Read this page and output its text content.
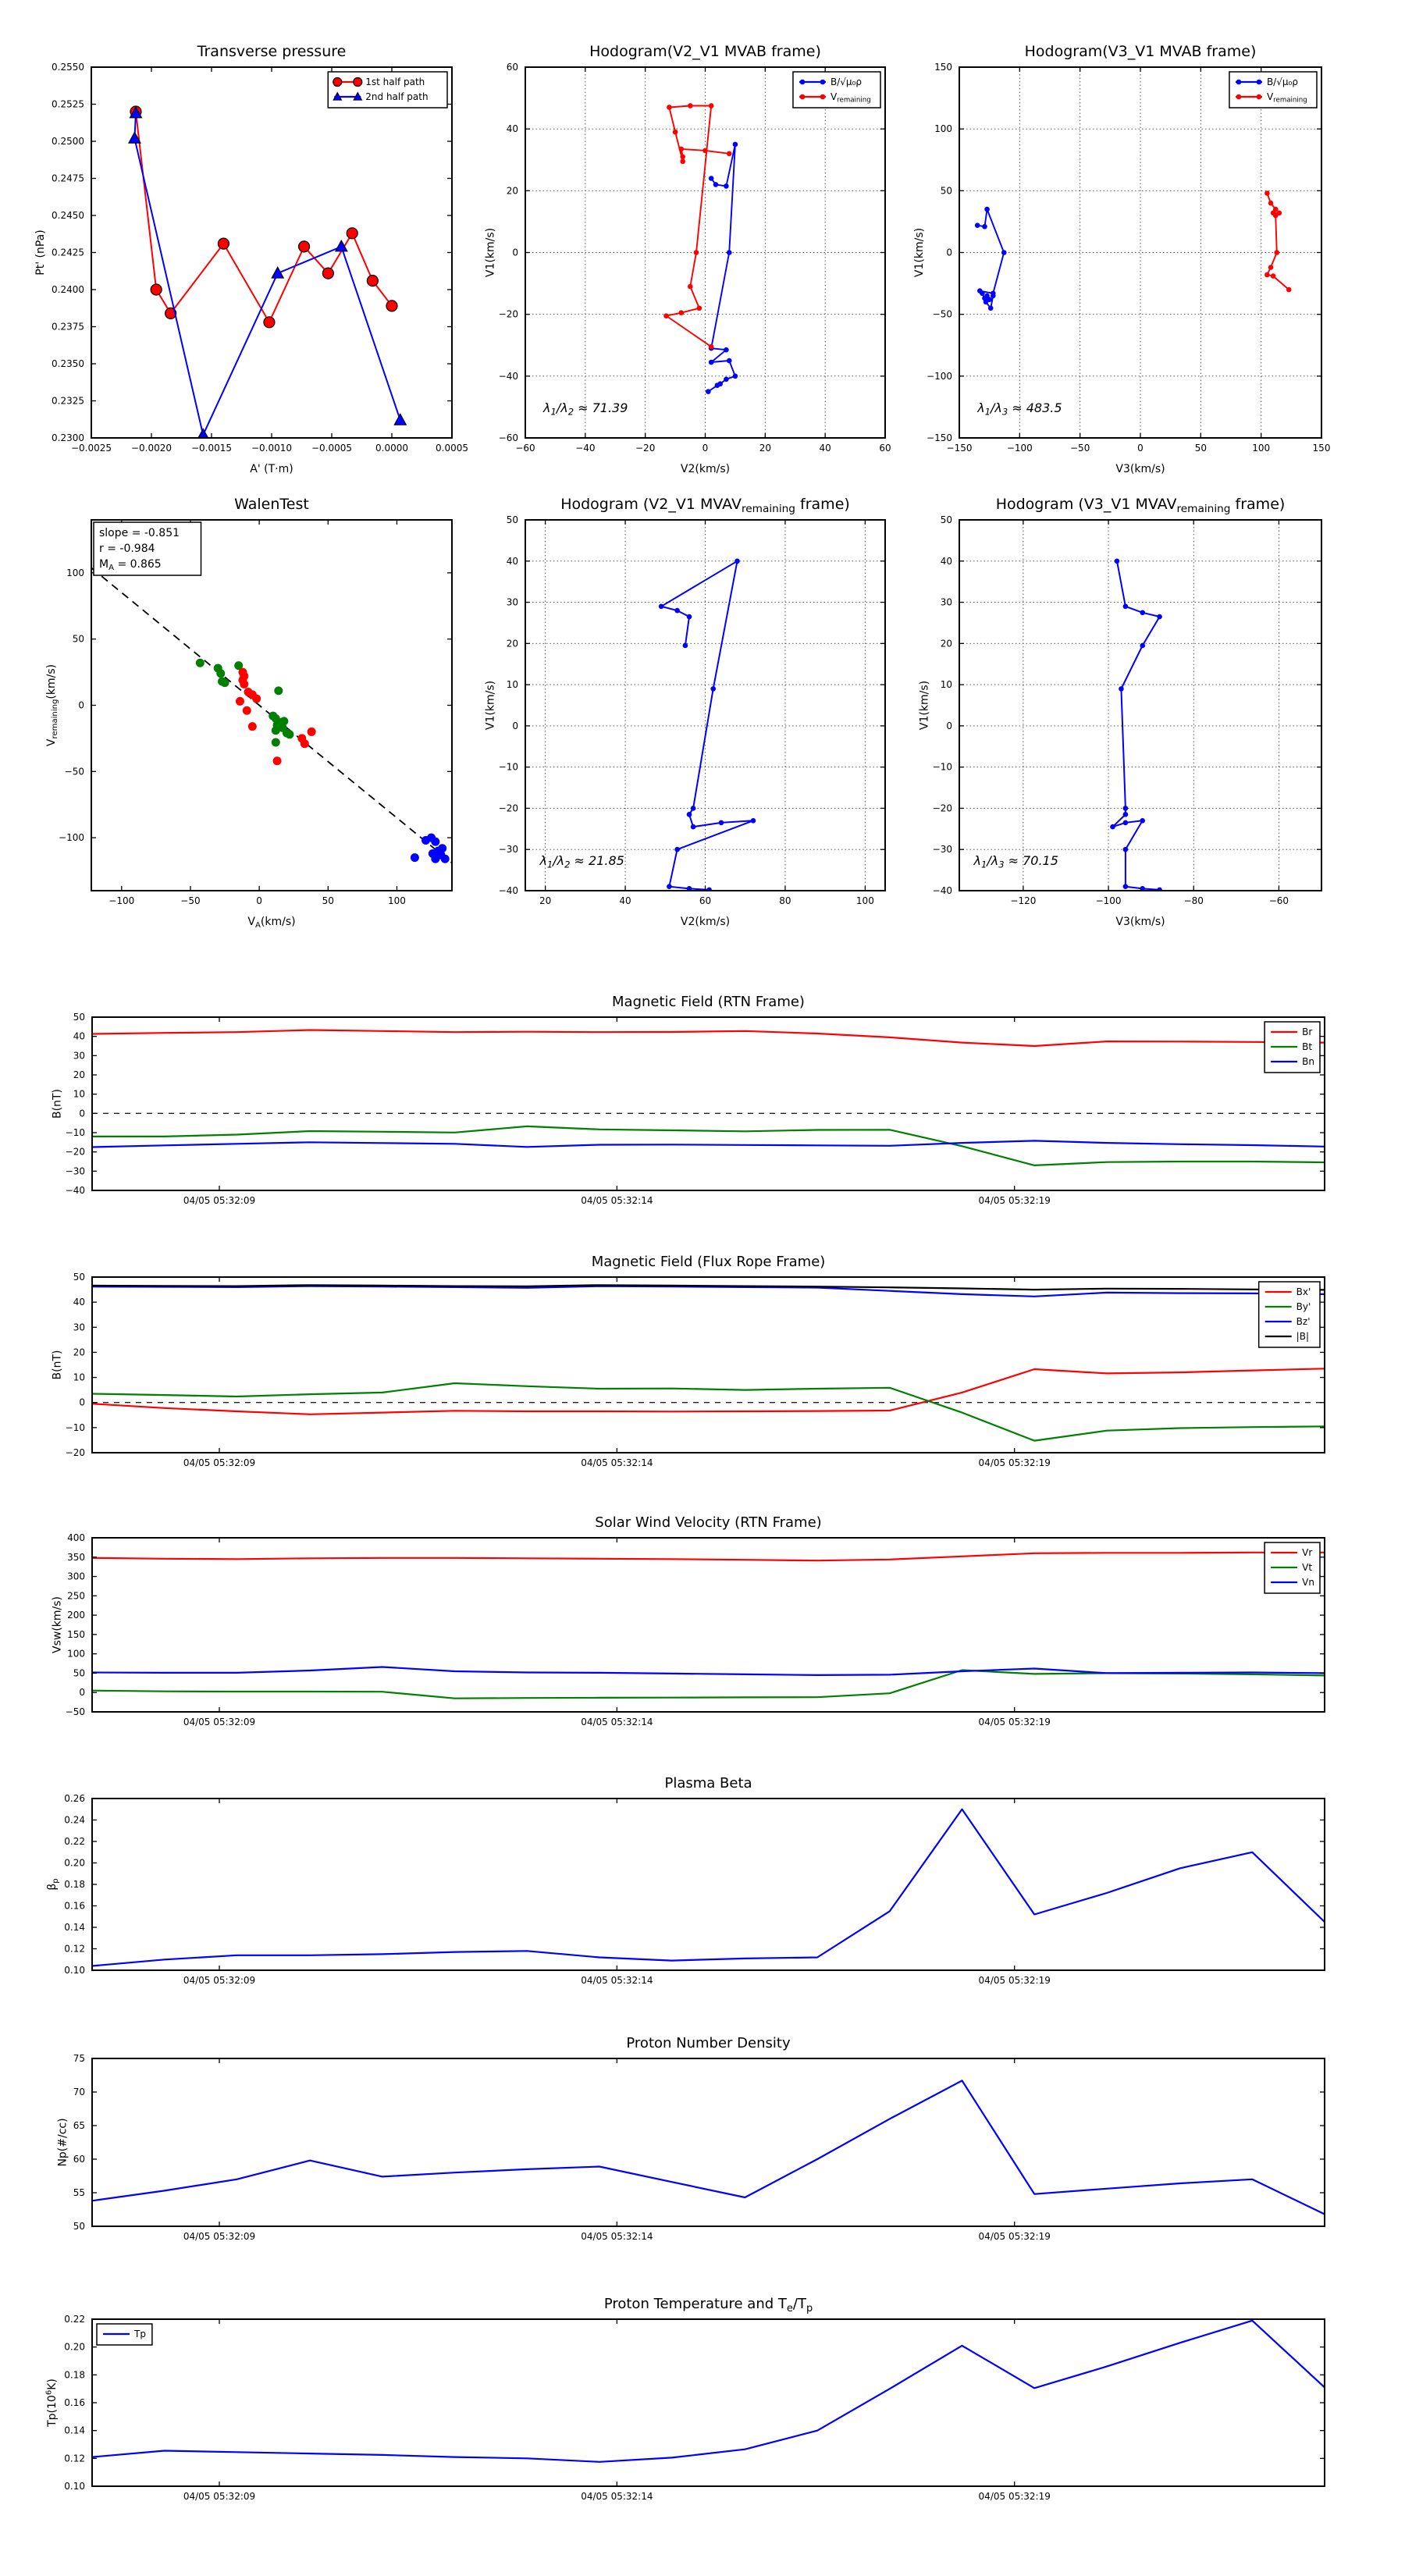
−0.0025 −0.0020 −0.0015 −0.0010 −0.0005 0.0000	0.0005
0.2300
0.2325
0.2350
0.2375
0.2400
0.2425
0.2450
0.2475
0.2500
0.2525
0.2550
Transverse pressure
A' (T·m)
Pt' (nPa)
1st half path
2nd half path
−60	−40	−20	0	20	40	60
−60
−40
−20
0
20
40
60
Hodogram(V2_V1 MVAB frame)
V2(km/s)
V1(km/s)
B/√μ₀ρ
$V_{remaining}$
$\lambda_1/\lambda_2 \approx 71.39$
−150	−100	−50	0	50	100	150
−150
−100
−50
0
50
100
150
Hodogram(V3_V1 MVAB frame)
V3(km/s)
V1(km/s)
B/√μ₀ρ
$V_{remaining}$
$\lambda_1/\lambda_3 \approx 483.5$
−100	−50	0	50	100
−100
−50
0
50
100
WalenTest
$V_A(km/s)$
$V_{remaining}(km/s)$
slope = -0.851
r = -0.984
$M_A = 0.865$
20	40	60	80	100
−40
−30
−20
−10
0
10
20
30
40
50
Hodogram (V2_V1 $MVAV_{remaining}$ frame)
V2(km/s)
V1(km/s)
$\lambda_1/\lambda_2 \approx 21.85$
−120	−100	−80	−60
−40
−30
−20
−10
0
10
20
30
40
50
Hodogram (V3_V1 $MVAV_{remaining}$ frame)
V3(km/s)
V1(km/s)
$\lambda_1/\lambda_3 \approx 70.15$
04/05 05:32:09	04/05 05:32:14	04/05 05:32:19
−40
−30
−20
−10
0
10
20
30
40
50
Magnetic Field (RTN Frame)
B(nT)
Br
Bt
Bn
04/05 05:32:09	04/05 05:32:14	04/05 05:32:19
−20
−10
0
10
20
30
40
50
Magnetic Field (Flux Rope Frame)
B(nT)
Bx'
By'
Bz'
|B|
04/05 05:32:09	04/05 05:32:14	04/05 05:32:19
−50
0
50
100
150
200
250
300
350
400
Solar Wind Velocity (RTN Frame)
Vsw(km/s)
Vr
Vt
Vn
04/05 05:32:09	04/05 05:32:14	04/05 05:32:19
0.10
0.12
0.14
0.16
0.18
0.20
0.22
0.24
0.26
Plasma Beta
$\beta_p$
04/05 05:32:09	04/05 05:32:14	04/05 05:32:19
50
55
60
65
70
75
Proton Number Density
Np(#/cc)
04/05 05:32:09	04/05 05:32:14	04/05 05:32:19
0.10
0.12
0.14
0.16
0.18
0.20
0.22
Proton Temperature and $T_e/T_p$
$Tp(10^6K)$
Tp
